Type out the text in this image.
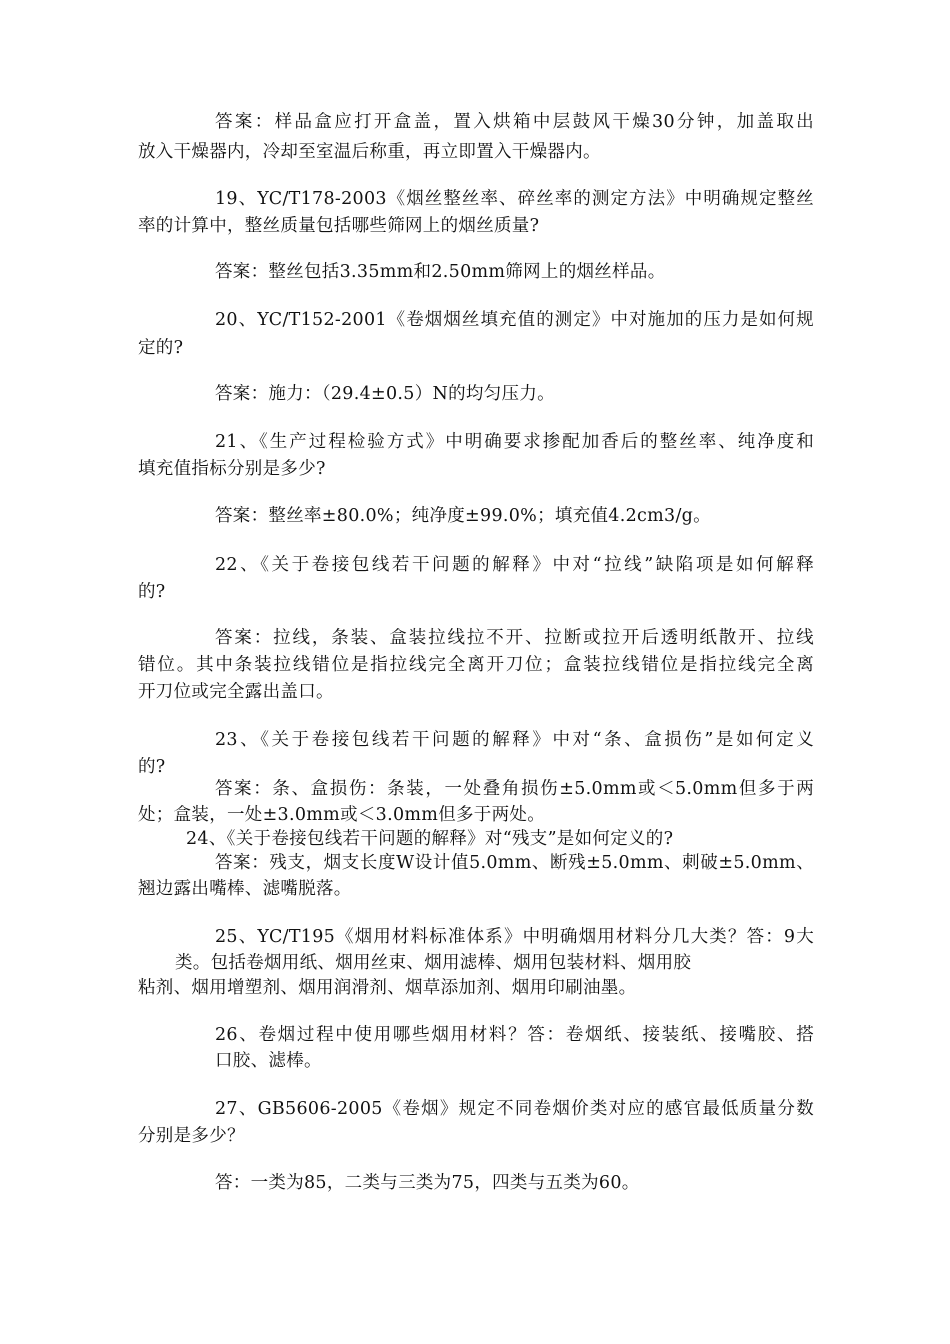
答案：样品盒应打开盒盖，置入烘箱中层鼓风干燥30分钟，加盖取出
放入干燥器内，冷却至室温后称重，再立即置入干燥器内。
19、YC/T178-2003《烟丝整丝率、碎丝率的测定方法》中明确规定整丝
率的计算中，整丝质量包括哪些筛网上的烟丝质量?
答案：整丝包括3.35mm和2.50mm筛网上的烟丝样品。
20、YC/T152-2001《卷烟烟丝填充值的测定》中对施加的压力是如何规
定的?
答案：施力：（29.4±0.5）N的均匀压力。
21、《生产过程检验方式》中明确要求掺配加香后的整丝率、纯净度和
填充值指标分别是多少?
答案：整丝率±80.0%；纯净度±99.0%；填充值4.2cm3/g。
22、《关于卷接包线若干问题的解释》中对“拉线”缺陷项是如何解释
的?
答案：拉线，条装、盒装拉线拉不开、拉断或拉开后透明纸散开、拉线
错位。其中条装拉线错位是指拉线完全离开刀位；盒装拉线错位是指拉线完全离
开刀位或完全露出盖口。
23、《关于卷接包线若干问题的解释》中对“条、盒损伤”是如何定义
的?
答案：条、盒损伤：条装，一处叠角损伤±5.0mm或＜5.0mm但多于两
处；盒装，一处±3.0mm或＜3.0mm但多于两处。
24、《关于卷接包线若干问题的解释》对“残支”是如何定义的?
答案：残支，烟支长度W设计值5.0mm、断残±5.0mm、刺破±5.0mm、
翘边露出嘴棒、滤嘴脱落。
25、YC/T195《烟用材料标准体系》中明确烟用材料分几大类？答：9大
类。包括卷烟用纸、烟用丝束、烟用滤棒、烟用包装材料、烟用胶
粘剂、烟用增塑剂、烟用润滑剂、烟草添加剂、烟用印刷油墨。
26、卷烟过程中使用哪些烟用材料？答：卷烟纸、接装纸、接嘴胶、搭
口胶、滤棒。
27、GB5606-2005《卷烟》规定不同卷烟价类对应的感官最低质量分数
分别是多少？
答：一类为85，二类与三类为75，四类与五类为60。
